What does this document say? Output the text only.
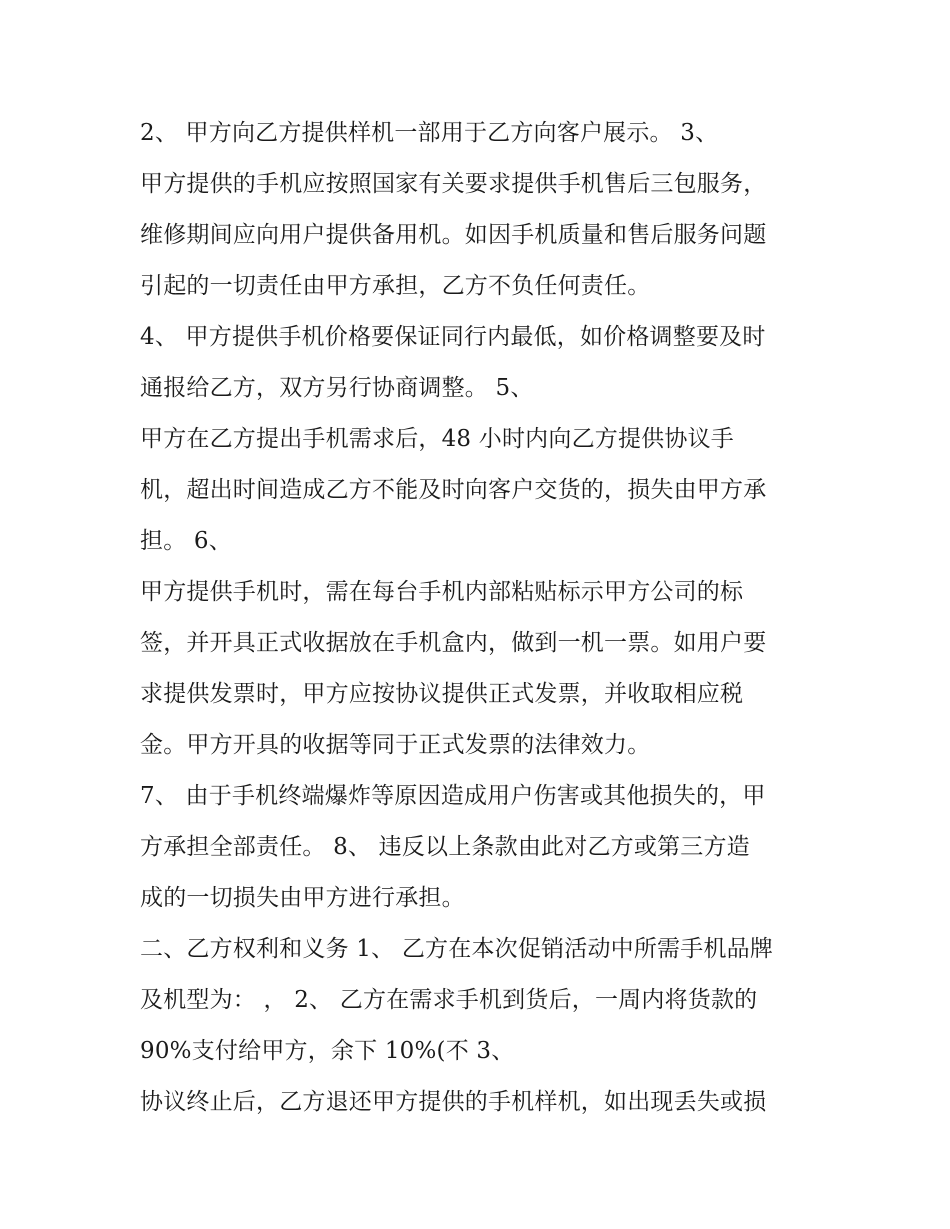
2、 甲方向乙方提供样机一部用于乙方向客户展示。 3、
甲方提供的手机应按照国家有关要求提供手机售后三包服务，
维修期间应向用户提供备用机。如因手机质量和售后服务问题
引起的一切责任由甲方承担，乙方不负任何责任。
4、 甲方提供手机价格要保证同行内最低，如价格调整要及时
通报给乙方，双方另行协商调整。 5、
甲方在乙方提出手机需求后，48 小时内向乙方提供协议手
机，超出时间造成乙方不能及时向客户交货的，损失由甲方承
担。 6、
甲方提供手机时，需在每台手机内部粘贴标示甲方公司的标
签，并开具正式收据放在手机盒内，做到一机一票。如用户要
求提供发票时，甲方应按协议提供正式发票，并收取相应税
金。甲方开具的收据等同于正式发票的法律效力。
7、 由于手机终端爆炸等原因造成用户伤害或其他损失的，甲
方承担全部责任。 8、 违反以上条款由此对乙方或第三方造
成的一切损失由甲方进行承担。
二、乙方权利和义务 1、 乙方在本次促销活动中所需手机品牌
及机型为： ， 2、 乙方在需求手机到货后，一周内将货款的
90%支付给甲方，余下 10%(不 3、
协议终止后，乙方退还甲方提供的手机样机，如出现丢失或损
